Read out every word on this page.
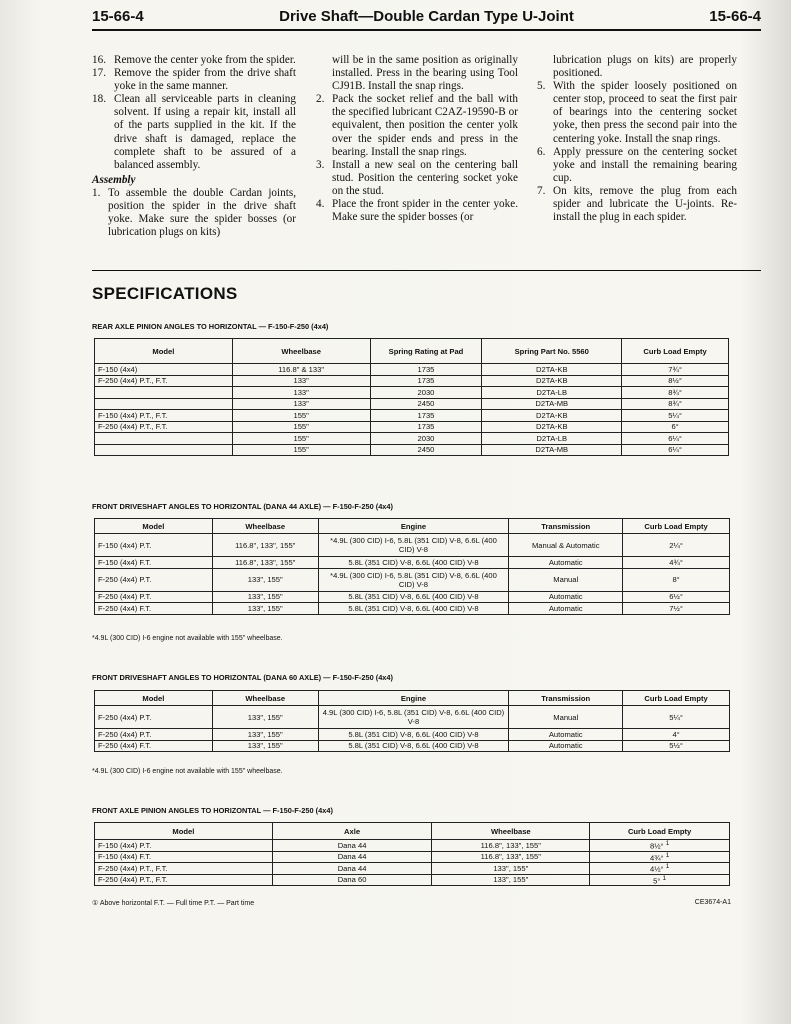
15-66-4	Drive Shaft—Double Cardan Type U-Joint	15-66-4
16. Remove the center yoke from the spider.
17. Remove the spider from the drive shaft yoke in the same manner.
18. Clean all serviceable parts in cleaning solvent. If using a repair kit, install all of the parts supplied in the kit. If the drive shaft is damaged, replace the complete shaft to be assured of a balanced assembly.
Assembly
1. To assemble the double Cardan joints, position the spider in the drive shaft yoke. Make sure the spider bosses (or lubrication plugs on kits)
will be in the same position as originally installed. Press in the bearing using Tool CJ91B. Install the snap rings.
2. Pack the socket relief and the ball with the specified lubricant C2AZ-19590-B or equivalent, then position the center yolk over the spider ends and press in the bearing. Install the snap rings.
3. Install a new seal on the centering ball stud. Position the centering socket yoke on the stud.
4. Place the front spider in the center yoke. Make sure the spider bosses (or
lubrication plugs on kits) are properly positioned.
5. With the spider loosely positioned on center stop, proceed to seat the first pair of bearings into the centering socket yoke, then press the second pair into the centering yoke. Install the snap rings.
6. Apply pressure on the centering socket yoke and install the remaining bearing cup.
7. On kits, remove the plug from each spider and lubricate the U-joints. Re-install the plug in each spider.
SPECIFICATIONS
REAR AXLE PINION ANGLES TO HORIZONTAL — F-150-F-250 (4x4)
Model	Wheelbase	Spring Rating at Pad	Spring Part No. 5560	Curb Load Empty
F-150 (4x4)	116.8" & 133"	1735	D2TA-KB	7¾°
F-250 (4x4) P.T., F.T.	133"	1735	D2TA-KB	8½°
	133"	2030	D2TA-LB	8¾°
	133"	2450	D2TA-MB	8¾°
F-150 (4x4) P.T., F.T.	155"	1735	D2TA-KB	5¼°
F-250 (4x4) P.T., F.T.	155"	1735	D2TA-KB	6°
	155"	2030	D2TA-LB	6¼°
	155"	2450	D2TA-MB	6¼°
FRONT DRIVESHAFT ANGLES TO HORIZONTAL (DANA 44 AXLE) — F-150-F-250 (4x4)
Model	Wheelbase	Engine	Transmission	Curb Load Empty
F-150 (4x4) P.T.	116.8", 133", 155"	*4.9L (300 CID) I-6, 5.8L (351 CID) V-8, 6.6L (400 CID) V-8	Manual & Automatic	2¼°
F-150 (4x4) F.T.	116.8", 133", 155"	5.8L (351 CID) V-8, 6.6L (400 CID) V-8	Automatic	4¾°
F-250 (4x4) P.T.	133", 155"	*4.9L (300 CID) I-6, 5.8L (351 CID) V-8, 6.6L (400 CID) V-8	Manual	8°
F-250 (4x4) P.T.	133", 155"	5.8L (351 CID) V-8, 6.6L (400 CID) V-8	Automatic	6½°
F-250 (4x4) F.T.	133", 155"	5.8L (351 CID) V-8, 6.6L (400 CID) V-8	Automatic	7½°
*4.9L (300 CID) I-6 engine not available with 155" wheelbase.
FRONT DRIVESHAFT ANGLES TO HORIZONTAL (DANA 60 AXLE) — F-150-F-250 (4x4)
Model	Wheelbase	Engine	Transmission	Curb Load Empty
F-250 (4x4) P.T.	133", 155"	4.9L (300 CID) I-6, 5.8L (351 CID) V-8, 6.6L (400 CID) V-8	Manual	5¼°
F-250 (4x4) P.T.	133", 155"	5.8L (351 CID) V-8, 6.6L (400 CID) V-8	Automatic	4°
F-250 (4x4) F.T.	133", 155"	5.8L (351 CID) V-8, 6.6L (400 CID) V-8	Automatic	5½°
*4.9L (300 CID) I-6 engine not available with 155" wheelbase.
FRONT AXLE PINION ANGLES TO HORIZONTAL — F-150-F-250 (4x4)
Model	Axle	Wheelbase	Curb Load Empty
F-150 (4x4) P.T.	Dana 44	116.8", 133", 155"	8½° $^1$
F-150 (4x4) F.T.	Dana 44	116.8", 133", 155"	4¾° $^1$
F-250 (4x4) P.T., F.T.	Dana 44	133", 155"	4½° $^1$
F-250 (4x4) P.T., F.T.	Dana 60	133", 155"	5° $^1$
① Above horizontal F.T. — Full time P.T. — Part time	CE3674-A1
